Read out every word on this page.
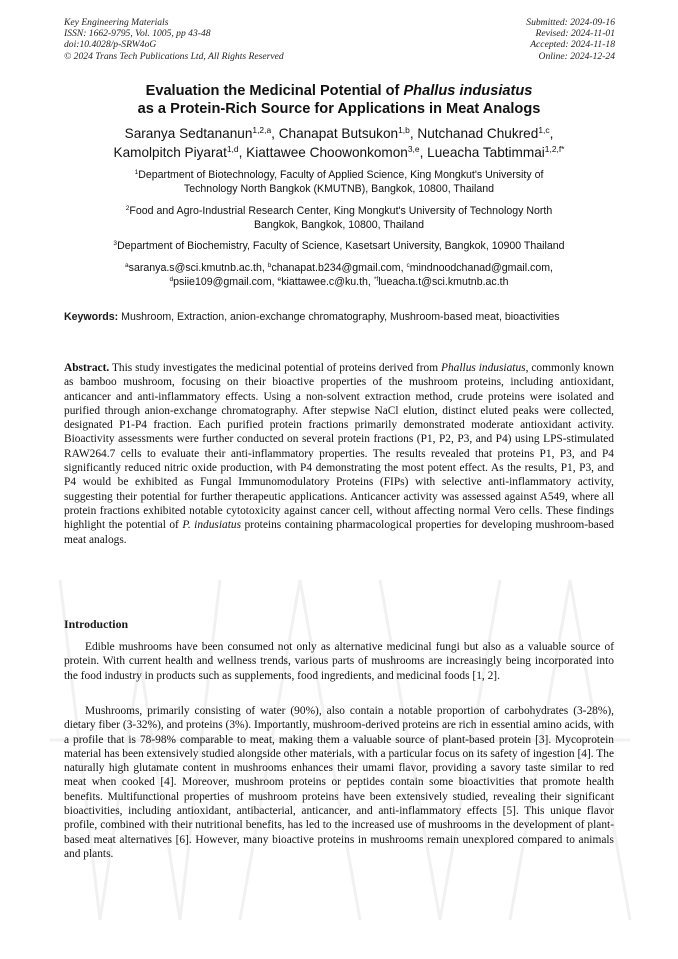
Key Engineering Materials
ISSN: 1662-9795, Vol. 1005, pp 43-48
doi:10.4028/p-SRW4oG
© 2024 Trans Tech Publications Ltd, All Rights Reserved
Submitted: 2024-09-16
Revised: 2024-11-01
Accepted: 2024-11-18
Online: 2024-12-24
Evaluation the Medicinal Potential of Phallus indusiatus
as a Protein-Rich Source for Applications in Meat Analogs
Saranya Sedtananun$^{1,2,a}$, Chanapat Butsukon$^{1,b}$, Nutchanad Chukred$^{1,c}$,
Kamolpitch Piyarat$^{1,d}$, Kiattawee Choowonkomon$^{3,e}$, Lueacha Tabtimmai$^{1,2,f*}$
$^1$Department of Biotechnology, Faculty of Applied Science, King Mongkut's University of
Technology North Bangkok (KMUTNB), Bangkok, 10800, Thailand
$^2$Food and Agro-Industrial Research Center, King Mongkut's University of Technology North
Bangkok, Bangkok, 10800, Thailand
$^3$Department of Biochemistry, Faculty of Science, Kasetsart University, Bangkok, 10900 Thailand
$^a$saranya.s@sci.kmutnb.ac.th, $^b$chanapat.b234@gmail.com, $^c$mindnoodchanad@gmail.com,
$^d$psiie109@gmail.com, $^e$kiattawee.c@ku.th, $^{*f}$lueacha.t@sci.kmutnb.ac.th
Keywords: Mushroom, Extraction, anion-exchange chromatography, Mushroom-based meat, bioactivities
Abstract. This study investigates the medicinal potential of proteins derived from Phallus indusiatus, commonly known as bamboo mushroom, focusing on their bioactive properties of the mushroom proteins, including antioxidant, anticancer and anti-inflammatory effects. Using a non-solvent extraction method, crude proteins were isolated and purified through anion-exchange chromatography. After stepwise NaCl elution, distinct eluted peaks were collected, designated P1-P4 fraction. Each purified protein fractions primarily demonstrated moderate antioxidant activity. Bioactivity assessments were further conducted on several protein fractions (P1, P2, P3, and P4) using LPS-stimulated RAW264.7 cells to evaluate their anti-inflammatory properties. The results revealed that proteins P1, P3, and P4 significantly reduced nitric oxide production, with P4 demonstrating the most potent effect. As the results, P1, P3, and P4 would be exhibited as Fungal Immunomodulatory Proteins (FIPs) with selective anti-inflammatory activity, suggesting their potential for further therapeutic applications. Anticancer activity was assessed against A549, where all protein fractions exhibited notable cytotoxicity against cancer cell, without affecting normal Vero cells. These findings highlight the potential of P. indusiatus proteins containing pharmacological properties for developing mushroom-based meat analogs.
Introduction
Edible mushrooms have been consumed not only as alternative medicinal fungi but also as a valuable source of protein. With current health and wellness trends, various parts of mushrooms are increasingly being incorporated into the food industry in products such as supplements, food ingredients, and medicinal foods [1, 2].
Mushrooms, primarily consisting of water (90%), also contain a notable proportion of carbohydrates (3-28%), dietary fiber (3-32%), and proteins (3%). Importantly, mushroom-derived proteins are rich in essential amino acids, with a profile that is 78-98% comparable to meat, making them a valuable source of plant-based protein [3]. Mycoprotein material has been extensively studied alongside other materials, with a particular focus on its safety of ingestion [4]. The naturally high glutamate content in mushrooms enhances their umami flavor, providing a savory taste similar to red meat when cooked [4]. Moreover, mushroom proteins or peptides contain some bioactivities that promote health benefits. Multifunctional properties of mushroom proteins have been extensively studied, revealing their significant bioactivities, including antioxidant, antibacterial, anticancer, and anti-inflammatory effects [5]. This unique flavor profile, combined with their nutritional benefits, has led to the increased use of mushrooms in the development of plant-based meat alternatives [6]. However, many bioactive proteins in mushrooms remain unexplored compared to animals and plants.
